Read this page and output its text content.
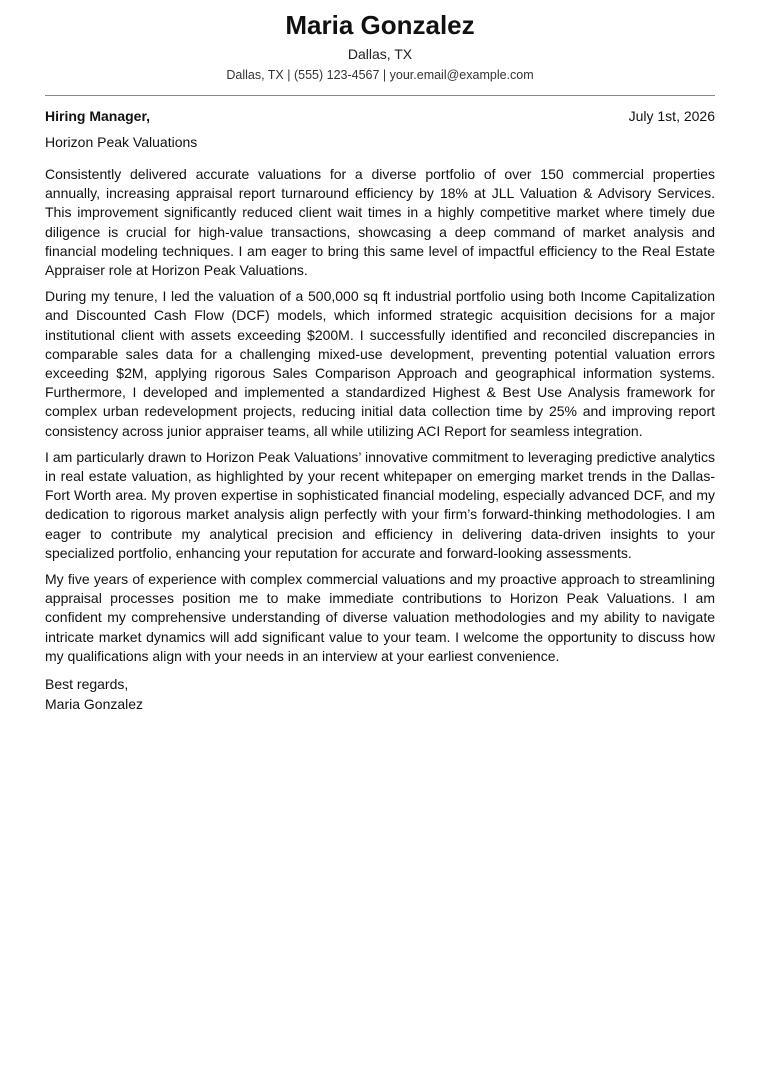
Maria Gonzalez
Dallas, TX
Dallas, TX | (555) 123-4567 | your.email@example.com
Hiring Manager,	July 1st, 2026
Horizon Peak Valuations

Consistently delivered accurate valuations for a diverse portfolio of over 150 commercial properties annually, increasing appraisal report turnaround efficiency by 18% at JLL Valuation & Advisory Services. This improvement significantly reduced client wait times in a highly competitive market where timely due diligence is crucial for high-value transactions, showcasing a deep command of market analysis and financial modeling techniques. I am eager to bring this same level of impactful efficiency to the Real Estate Appraiser role at Horizon Peak Valuations.

During my tenure, I led the valuation of a 500,000 sq ft industrial portfolio using both Income Capitalization and Discounted Cash Flow (DCF) models, which informed strategic acquisition decisions for a major institutional client with assets exceeding $200M. I successfully identified and reconciled discrepancies in comparable sales data for a challenging mixed-use development, preventing potential valuation errors exceeding $2M, applying rigorous Sales Comparison Approach and geographical information systems. Furthermore, I developed and implemented a standardized Highest & Best Use Analysis framework for complex urban redevelopment projects, reducing initial data collection time by 25% and improving report consistency across junior appraiser teams, all while utilizing ACI Report for seamless integration.

I am particularly drawn to Horizon Peak Valuations’ innovative commitment to leveraging predictive analytics in real estate valuation, as highlighted by your recent whitepaper on emerging market trends in the Dallas-Fort Worth area. My proven expertise in sophisticated financial modeling, especially advanced DCF, and my dedication to rigorous market analysis align perfectly with your firm’s forward-thinking methodologies. I am eager to contribute my analytical precision and efficiency in delivering data-driven insights to your specialized portfolio, enhancing your reputation for accurate and forward-looking assessments.

My five years of experience with complex commercial valuations and my proactive approach to streamlining appraisal processes position me to make immediate contributions to Horizon Peak Valuations. I am confident my comprehensive understanding of diverse valuation methodologies and my ability to navigate intricate market dynamics will add significant value to your team. I welcome the opportunity to discuss how my qualifications align with your needs in an interview at your earliest convenience.

Best regards,
Maria Gonzalez
